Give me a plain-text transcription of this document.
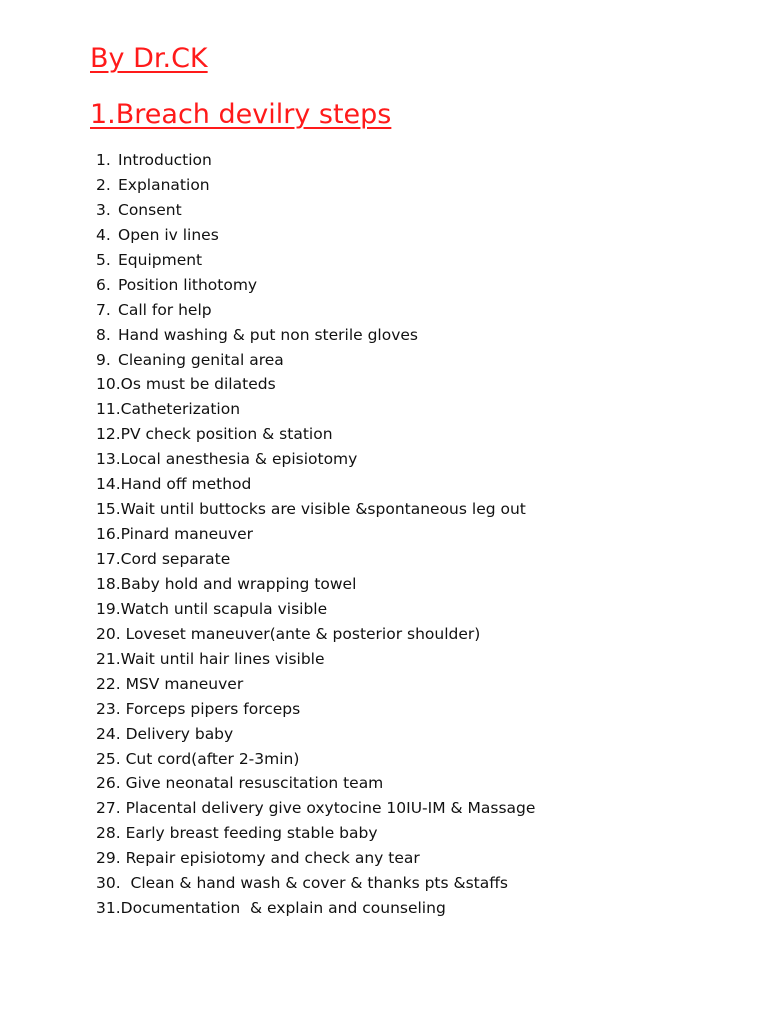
By Dr.CK
1.Breach devilry steps
1. Introduction
2. Explanation
3. Consent
4. Open iv lines
5. Equipment
6. Position lithotomy
7. Call for help
8. Hand washing & put non sterile gloves
9. Cleaning genital area
10. Os must be dilateds
11. Catheterization
12. PV check position & station
13. Local anesthesia & episiotomy
14. Hand off method
15. Wait until buttocks are visible &spontaneous leg out
16. Pinard maneuver
17. Cord separate
18. Baby hold and wrapping towel
19. Watch until scapula visible
20. Loveset maneuver(ante & posterior shoulder)
21. Wait until hair lines visible
22. MSV maneuver
23. Forceps pipers forceps
24. Delivery baby
25. Cut cord(after 2-3min)
26. Give neonatal resuscitation team
27. Placental delivery give oxytocine 10IU-IM & Massage
28. Early breast feeding stable baby
29. Repair episiotomy and check any tear
30. Clean & hand wash & cover & thanks pts &staffs
31. Documentation  & explain and counseling
